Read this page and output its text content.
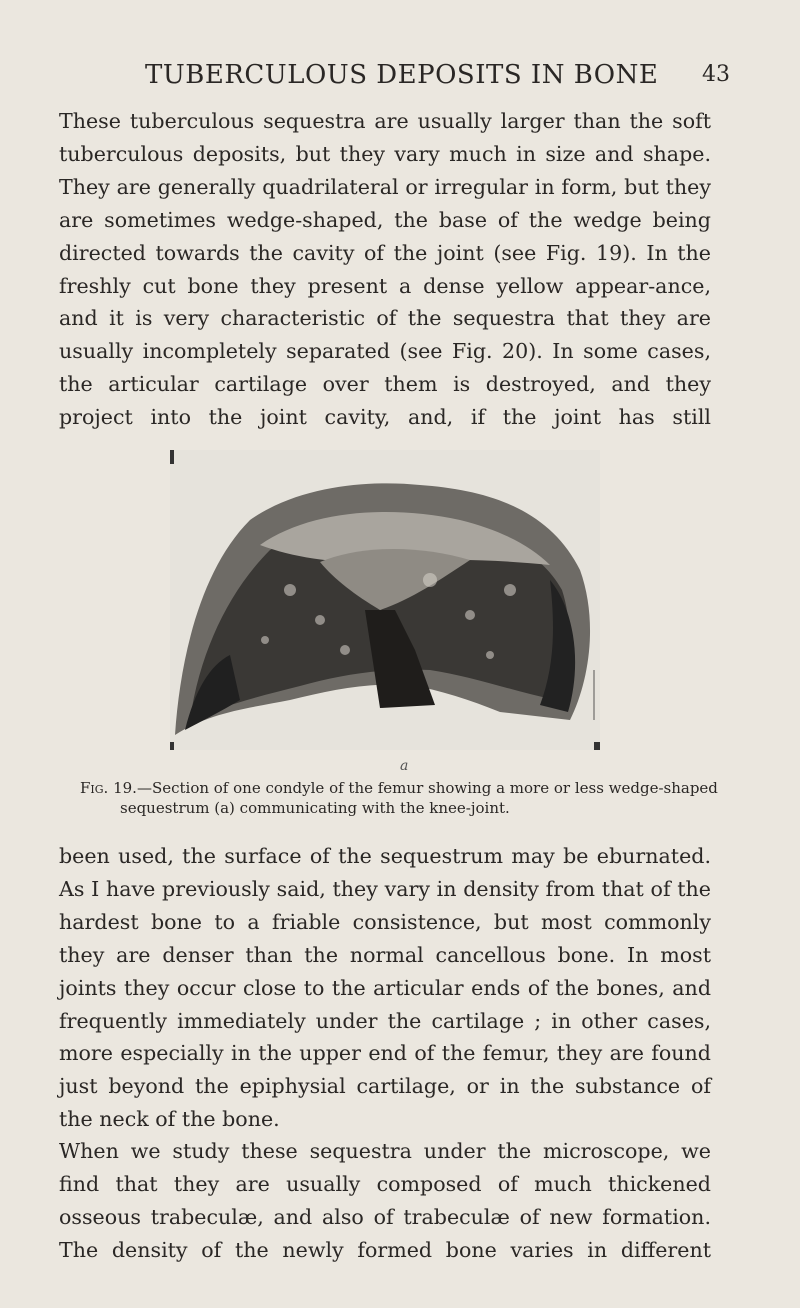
TUBERCULOUS DEPOSITS IN BONE 43

These tuberculous sequestra are usually larger than the soft tuberculous deposits, but they vary much in size and shape. They are generally quadrilateral or irregular in form, but they are sometimes wedge-shaped, the base of the wedge being directed towards the cavity of the joint (see Fig. 19). In the freshly cut bone they present a dense yellow appear-ance, and it is very characteristic of the sequestra that they are usually incompletely separated (see Fig. 20). In some cases, the articular cartilage over them is destroyed, and they project into the joint cavity, and, if the joint has still

a

Fig. 19.—Section of one condyle of the femur showing a more or less wedge-shaped sequestrum (a) communicating with the knee-joint.

been used, the surface of the sequestrum may be eburnated. As I have previously said, they vary in density from that of the hardest bone to a friable consistence, but most commonly they are denser than the normal cancellous bone. In most joints they occur close to the articular ends of the bones, and frequently immediately under the cartilage ; in other cases, more especially in the upper end of the femur, they are found just beyond the epiphysial cartilage, or in the substance of the neck of the bone.

When we study these sequestra under the microscope, we find that they are usually composed of much thickened osseous trabeculæ, and also of trabeculæ of new formation. The density of the newly formed bone varies in different
